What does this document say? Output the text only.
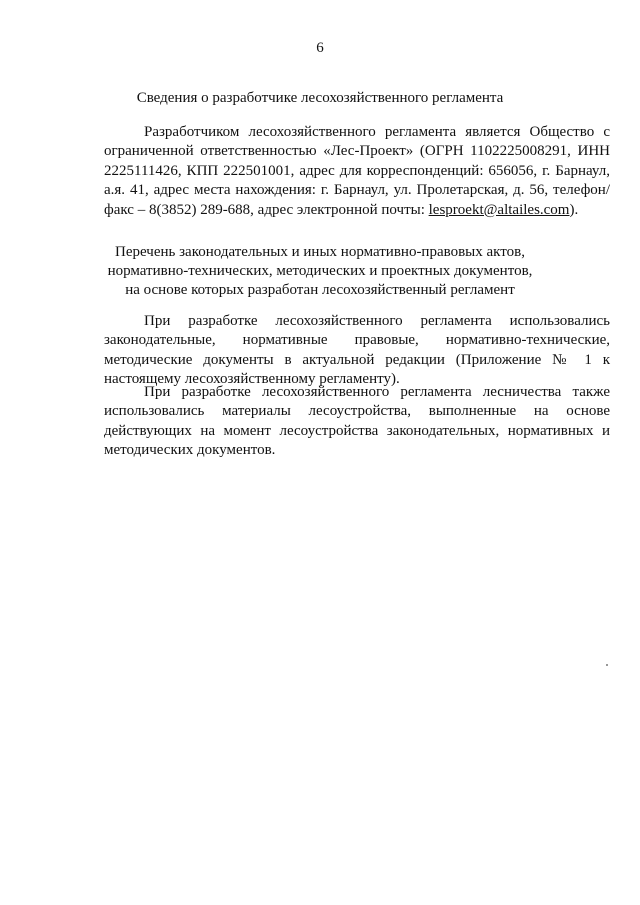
6
Сведения о разработчике лесохозяйственного регламента
Разработчиком лесохозяйственного регламента является Общество с ограниченной ответственностью «Лес-Проект» (ОГРН 1102225008291, ИНН 2225111426, КПП 222501001, адрес для корреспонденций: 656056, г. Барнаул, а.я. 41, адрес места нахождения: г. Барнаул, ул. Пролетарская, д. 56, телефон/факс – 8(3852) 289-688, адрес электронной почты: lesproekt@altailes.com).
Перечень законодательных и иных нормативно-правовых актов,
нормативно-технических, методических и проектных документов,
на основе которых разработан лесохозяйственный регламент
При разработке лесохозяйственного регламента использовались законодательные, нормативные правовые, нормативно-технические, методические документы в актуальной редакции (Приложение № 1 к настоящему лесохозяйственному регламенту).
При разработке лесохозяйственного регламента лесничества также использовались материалы лесоустройства, выполненные на основе действующих на момент лесоустройства законодательных, нормативных и методических документов.
